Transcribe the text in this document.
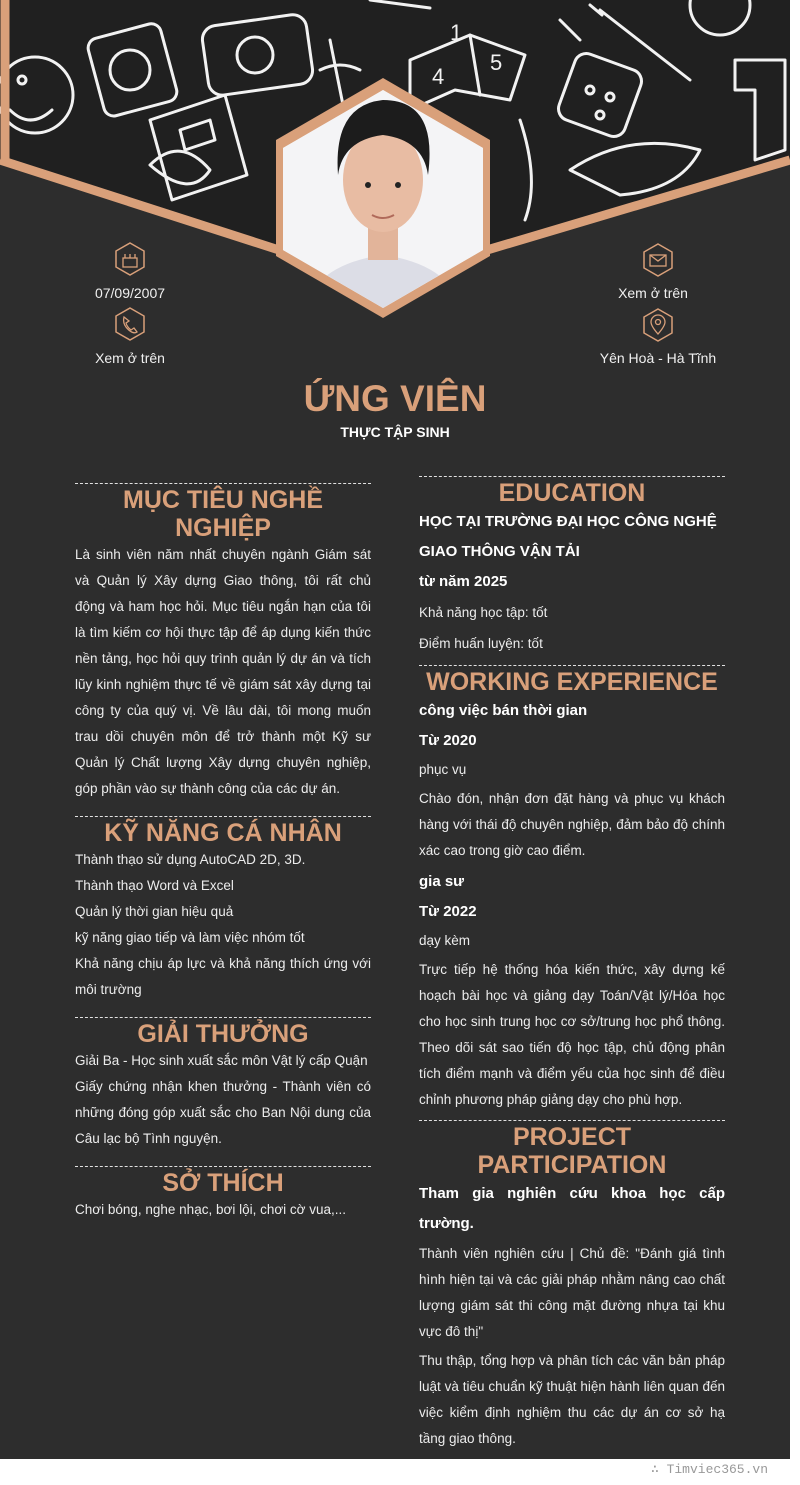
1
5
4
07/09/2007
Xem ở trên
Xem ở trên
Yên Hoà - Hà Tĩnh
ỨNG VIÊN
THỰC TẬP SINH
MỤC TIÊU NGHỀ NGHIỆP

Là sinh viên năm nhất chuyên ngành Giám sát và Quản lý Xây dựng Giao thông, tôi rất chủ động và ham học hỏi. Mục tiêu ngắn hạn của tôi là tìm kiếm cơ hội thực tập để áp dụng kiến thức nền tảng, học hỏi quy trình quản lý dự án và tích lũy kinh nghiệm thực tế về giám sát xây dựng tại công ty của quý vị. Về lâu dài, tôi mong muốn trau dồi chuyên môn để trở thành một Kỹ sư Quản lý Chất lượng Xây dựng chuyên nghiệp, góp phần vào sự thành công của các dự án.

KỸ NĂNG CÁ NHÂN

Thành thạo sử dụng AutoCAD 2D, 3D.

Thành thạo Word và Excel

Quản lý thời gian hiệu quả

kỹ năng giao tiếp và làm việc nhóm tốt

Khả năng chịu áp lực và khả năng thích ứng với môi trường

GIẢI THƯỞNG

Giải Ba - Học sinh xuất sắc môn Vật lý cấp Quận

Giấy chứng nhận khen thưởng - Thành viên có những đóng góp xuất sắc cho Ban Nội dung của Câu lạc bộ Tình nguyện.

SỞ THÍCH

Chơi bóng, nghe nhạc, bơi lội, chơi cờ vua,...

EDUCATION

HỌC TẠI TRƯỜNG ĐẠI HỌC CÔNG NGHỆ GIAO THÔNG VẬN TẢI

từ năm 2025

Khả năng học tập: tốt

Điểm huấn luyện: tốt

WORKING EXPERIENCE

công việc bán thời gian

Từ 2020

phục vụ

Chào đón, nhận đơn đặt hàng và phục vụ khách hàng với thái độ chuyên nghiệp, đảm bảo độ chính xác cao trong giờ cao điểm.

gia sư

Từ 2022

dạy kèm

Trực tiếp hệ thống hóa kiến thức, xây dựng kế hoạch bài học và giảng dạy Toán/Vật lý/Hóa học cho học sinh trung học cơ sở/trung học phổ thông. Theo dõi sát sao tiến độ học tập, chủ động phân tích điểm mạnh và điểm yếu của học sinh để điều chỉnh phương pháp giảng dạy cho phù hợp.

PROJECT PARTICIPATION

Tham gia nghiên cứu khoa học cấp trường.

Thành viên nghiên cứu | Chủ đề: "Đánh giá tình hình hiện tại và các giải pháp nhằm nâng cao chất lượng giám sát thi công mặt đường nhựa tại khu vực đô thị"

Thu thập, tổng hợp và phân tích các văn bản pháp luật và tiêu chuẩn kỹ thuật hiện hành liên quan đến việc kiểm định nghiệm thu các dự án cơ sở hạ tầng giao thông.

∴ Timviec365.vn
